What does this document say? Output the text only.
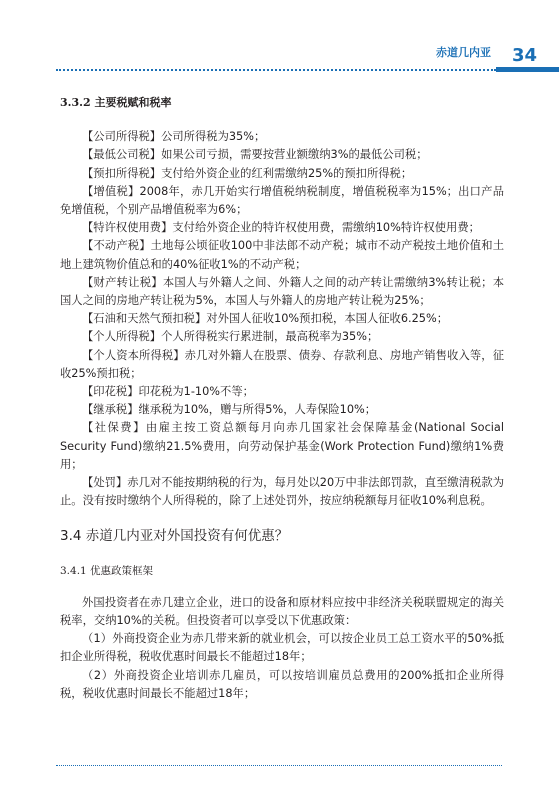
赤道几内亚 34
3.3.2 主要税赋和税率

【公司所得税】公司所得税为35%；

【最低公司税】如果公司亏损，需要按营业额缴纳3%的最低公司税；

【预扣所得税】支付给外资企业的红利需缴纳25%的预扣所得税；

【增值税】2008年，赤几开始实行增值税纳税制度，增值税税率为15%；出口产品免增值税，个别产品增值税率为6%；

【特许权使用费】支付给外资企业的特许权使用费，需缴纳10%特许权使用费；

【不动产税】土地每公顷征收100中非法郎不动产税；城市不动产税按土地价值和土地上建筑物价值总和的40%征收1%的不动产税；

【财产转让税】本国人与外籍人之间、外籍人之间的动产转让需缴纳3%转让税；本国人之间的房地产转让税为5%，本国人与外籍人的房地产转让税为25%；

【石油和天然气预扣税】对外国人征收10%预扣税，本国人征收6.25%；

【个人所得税】个人所得税实行累进制，最高税率为35%；

【个人资本所得税】赤几对外籍人在股票、债券、存款利息、房地产销售收入等，征收25%预扣税；

【印花税】印花税为1-10%不等；

【继承税】继承税为10%，赠与所得5%，人寿保险10%；

【社保费】由雇主按工资总额每月向赤几国家社会保障基金(National Social Security Fund)缴纳21.5%费用，向劳动保护基金(Work Protection Fund)缴纳1%费用；

【处罚】赤几对不能按期纳税的行为，每月处以20万中非法郎罚款，直至缴清税款为止。没有按时缴纳个人所得税的，除了上述处罚外，按应纳税额每月征收10%利息税。

3.4 赤道几内亚对外国投资有何优惠？
3.4.1 优惠政策框架

外国投资者在赤几建立企业，进口的设备和原材料应按中非经济关税联盟规定的海关税率，交纳10%的关税。但投资者可以享受以下优惠政策：

（1）外商投资企业为赤几带来新的就业机会，可以按企业员工总工资水平的50%抵扣企业所得税，税收优惠时间最长不能超过18年；

（2）外商投资企业培训赤几雇员，可以按培训雇员总费用的200%抵扣企业所得税，税收优惠时间最长不能超过18年；
